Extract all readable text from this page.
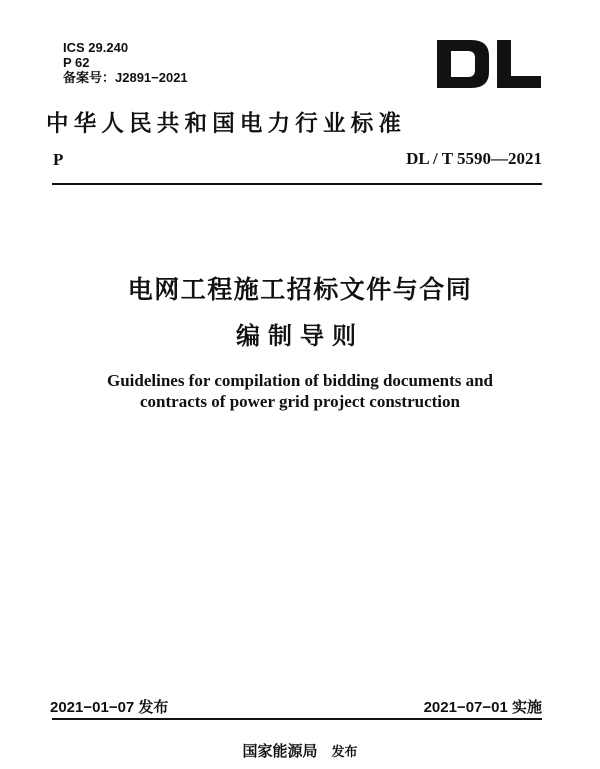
ICS 29.240
P 62
备案号：J2891−2021
中华人民共和国电力行业标准
P	DL / T 5590—2021
电网工程施工招标文件与合同
编制导则
Guidelines for compilation of bidding documents and
contracts of power grid project construction
2021−01−07 发布	2021−07−01 实施
国家能源局 发布
